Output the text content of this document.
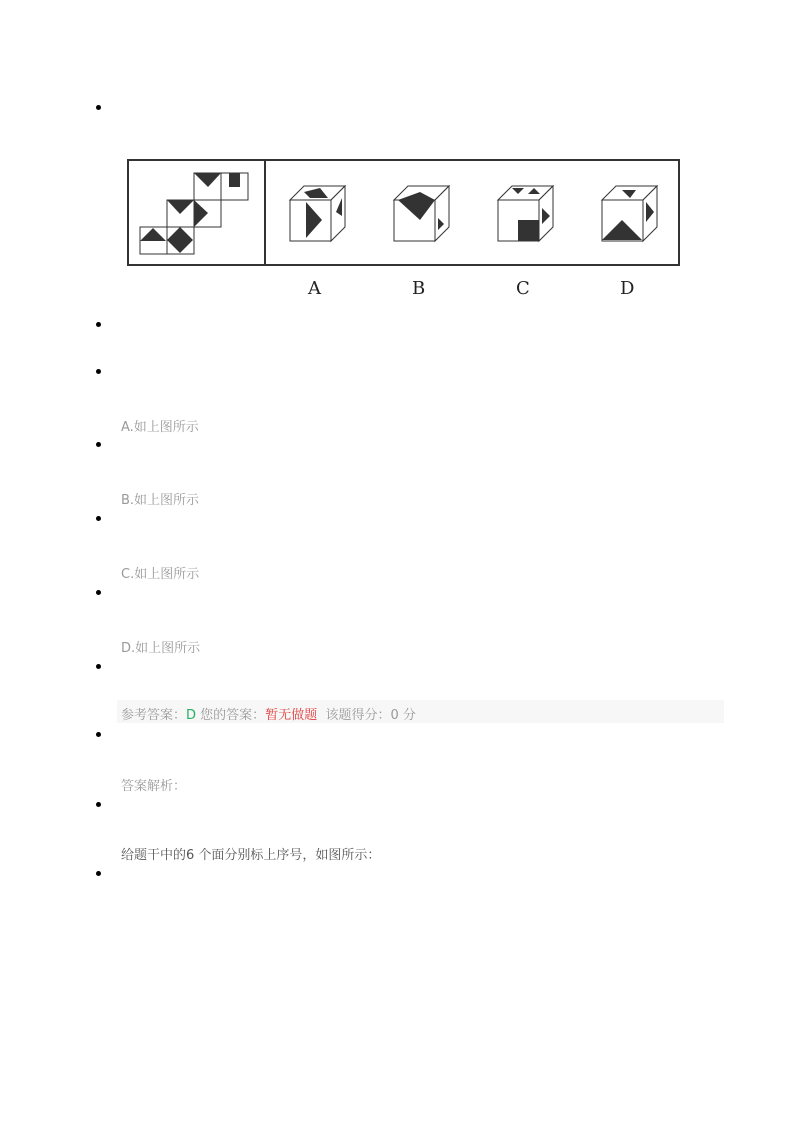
A	B	C	D
A.如上图所示
B.如上图所示
C.如上图所示
D.如上图所示
参考答案：D 您的答案：暂无做题 该题得分：0 分
答案解析：
给题干中的6 个面分别标上序号，如图所示：
